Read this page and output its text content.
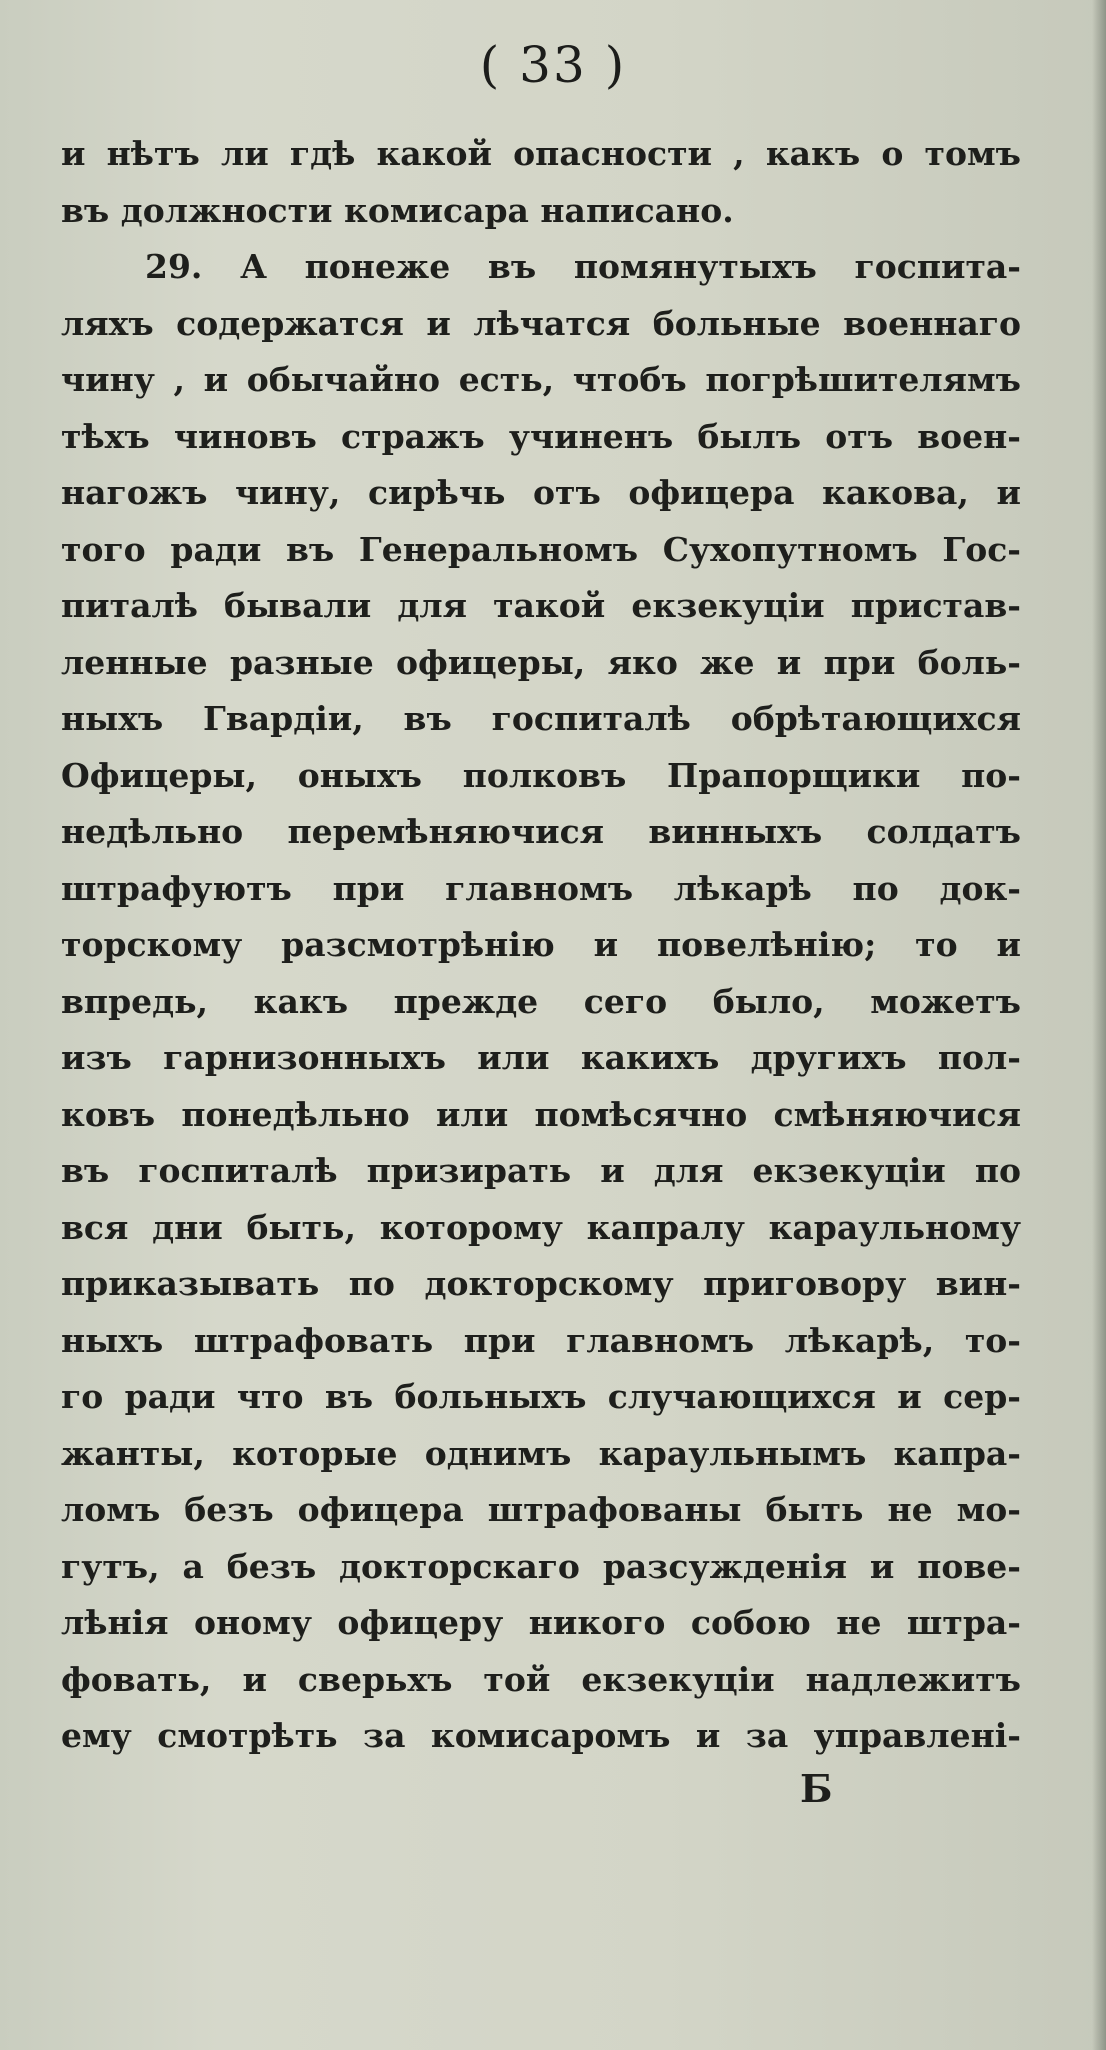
( 33 )
и нѣтъ ли гдѣ какой опасности , какъ о томъ
въ должности комисара написано.
29. А понеже въ помянутыхъ госпита-
ляхъ содержатся и лѣчатся больные военнаго
чину , и обычайно есть, чтобъ погрѣшителямъ
тѣхъ чиновъ стражъ учиненъ былъ отъ воен-
нагожъ чину, сирѣчь отъ офицера какова, и
того ради въ Генеральномъ Сухопутномъ Гос-
питалѣ бывали для такой екзекуціи пристав-
ленные разные офицеры, яко же и при боль-
ныхъ Гвардіи, въ госпиталѣ обрѣтающихся
Офицеры, оныхъ полковъ Прапорщики по-
недѣльно перемѣняючися винныхъ солдатъ
штрафуютъ при главномъ лѣкарѣ по док-
торскому разсмотрѣнію и повелѣнію; то и
впредь, какъ прежде сего было, можетъ
изъ гарнизонныхъ или какихъ другихъ пол-
ковъ понедѣльно или помѣсячно смѣняючися
въ госпиталѣ призирать и для екзекуціи по
вся дни быть, которому капралу караульному
приказывать по докторскому приговору вин-
ныхъ штрафовать при главномъ лѣкарѣ, то-
го ради что въ больныхъ случающихся и сер-
жанты, которые однимъ караульнымъ капра-
ломъ безъ офицера штрафованы быть не мо-
гутъ, а безъ докторскаго разсужденія и пове-
лѣнія оному офицеру никого собою не штра-
фовать, и сверьхъ той екзекуціи надлежитъ
ему смотрѣть за комисаромъ и за управлені-
Б
